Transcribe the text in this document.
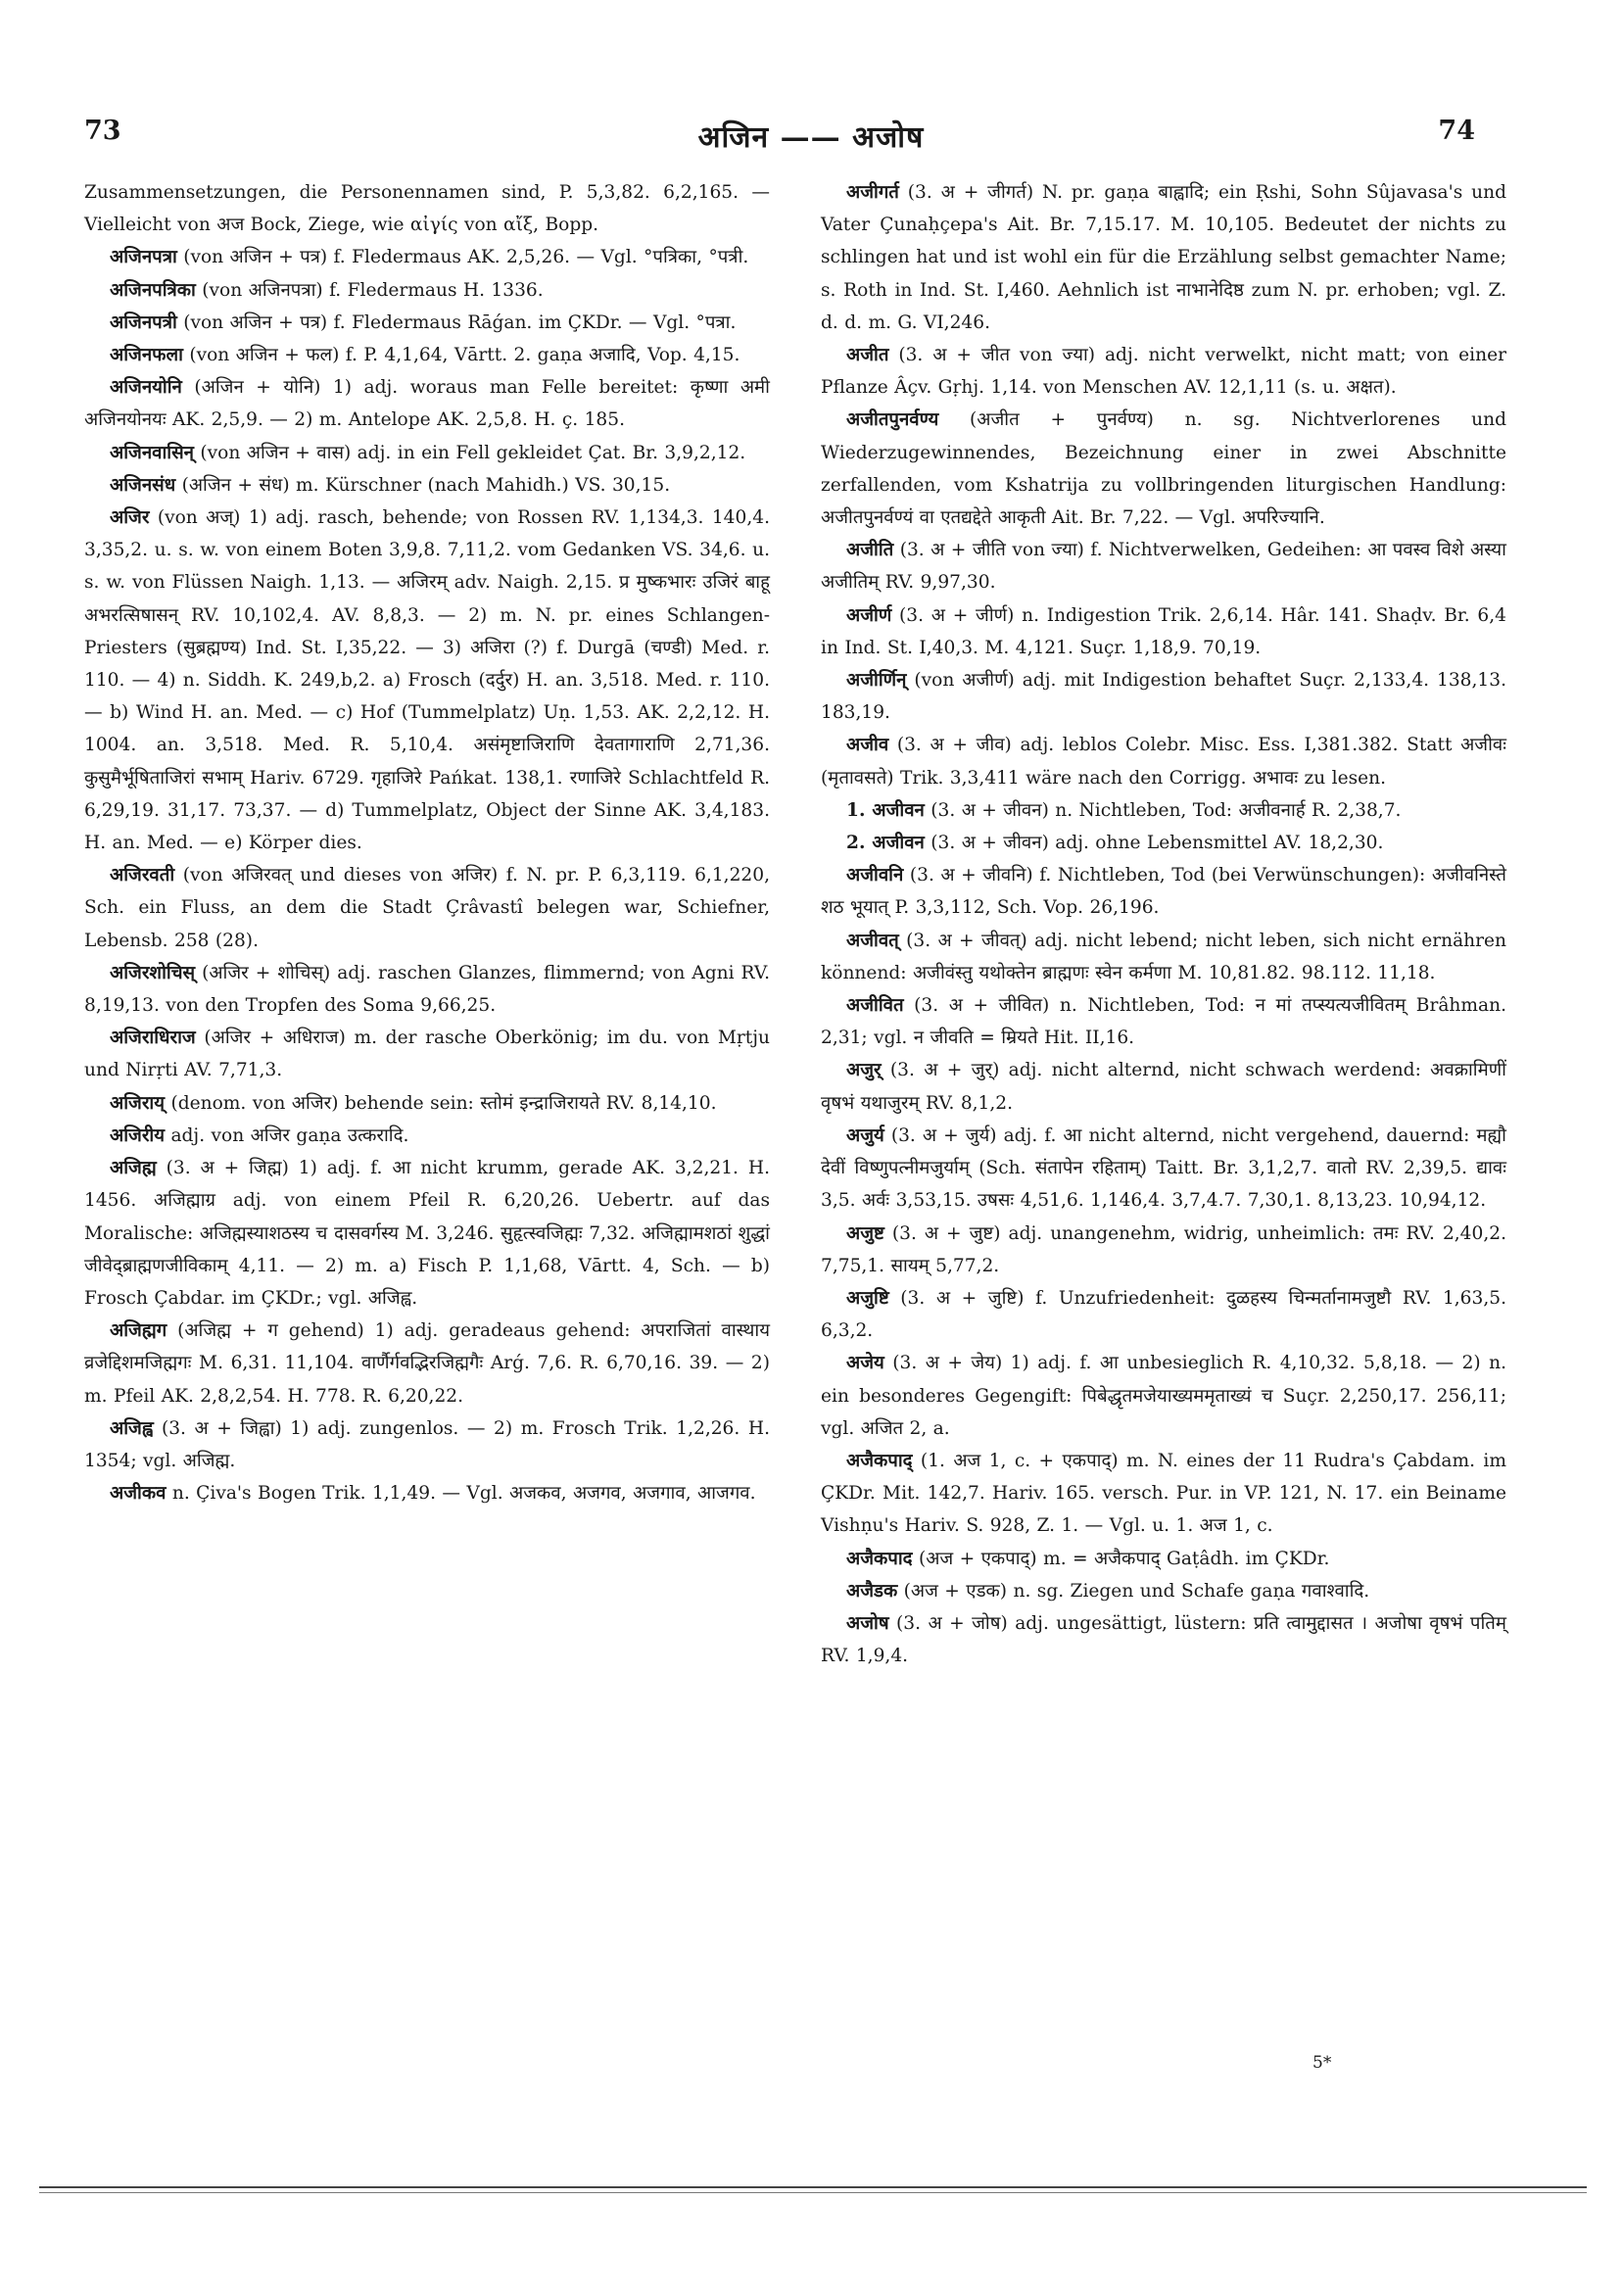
73	अजिन —— अजोष	74

Zusammensetzungen, die Personennamen sind, P. 5,3,82. 6,2,165. — Vielleicht von अज Bock, Ziege, wie αἰγίς von αἴξ, Bopp.

अजिनपत्रा (von अजिन + पत्र) f. Fledermaus AK. 2,5,26. — Vgl. °पत्रिका, °पत्री.

अजिनपत्रिका (von अजिनपत्रा) f. Fledermaus H. 1336.

अजिनपत्री (von अजिन + पत्र) f. Fledermaus Rāǵan. im ÇKDr. — Vgl. °पत्रा.

अजिनफला (von अजिन + फल) f. P. 4,1,64, Vārtt. 2. gaṇa अजादि, Vop. 4,15.

अजिनयोनि (अजिन + योनि) 1) adj. woraus man Felle bereitet: कृष्णा अमी अजिनयोनयः AK. 2,5,9. — 2) m. Antelope AK. 2,5,8. H. ç. 185.

अजिनवासिन् (von अजिन + वास) adj. in ein Fell gekleidet Çat. Br. 3,9,2,12.

अजिनसंध (अजिन + संध) m. Kürschner (nach Mahidh.) VS. 30,15.

अजिर (von अज्) 1) adj. rasch, behende; von Rossen RV. 1,134,3. 140,4. 3,35,2. u. s. w. von einem Boten 3,9,8. 7,11,2. vom Gedanken VS. 34,6. u. s. w. von Flüssen Naigh. 1,13. — अजिरम् adv. Naigh. 2,15. प्र मुष्कभारः उजिरं बाहू अभरत्सिषासन् RV. 10,102,4. AV. 8,8,3. — 2) m. N. pr. eines Schlangen-Priesters (सुब्रह्मण्य) Ind. St. I,35,22. — 3) अजिरा (?) f. Durgā (चण्डी) Med. r. 110. — 4) n. Siddh. K. 249,b,2. a) Frosch (दर्दुर) H. an. 3,518. Med. r. 110. — b) Wind H. an. Med. — c) Hof (Tummelplatz) Uṇ. 1,53. AK. 2,2,12. H. 1004. an. 3,518. Med. R. 5,10,4. असंमृष्टाजिराणि देवतागाराणि 2,71,36. कुसुमैर्भूषिताजिरां सभाम् Hariv. 6729. गृहाजिरे Pańkat. 138,1. रणाजिरे Schlachtfeld R. 6,29,19. 31,17. 73,37. — d) Tummelplatz, Object der Sinne AK. 3,4,183. H. an. Med. — e) Körper dies.

अजिरवती (von अजिरवत् und dieses von अजिर) f. N. pr. P. 6,3,119. 6,1,220, Sch. ein Fluss, an dem die Stadt Çrâvastî belegen war, Schiefner, Lebensb. 258 (28).

अजिरशोचिस् (अजिर + शोचिस्) adj. raschen Glanzes, flimmernd; von Agni RV. 8,19,13. von den Tropfen des Soma 9,66,25.

अजिराधिराज (अजिर + अधिराज) m. der rasche Oberkönig; im du. von Mṛtju und Nirṛti AV. 7,71,3.

अजिराय् (denom. von अजिर) behende sein: स्तोमं इन्द्राजिरायते RV. 8,14,10.

अजिरीय adj. von अजिर gaṇa उत्करादि.

अजिह्म (3. अ + जिह्म) 1) adj. f. आ nicht krumm, gerade AK. 3,2,21. H. 1456. अजिह्माग्र adj. von einem Pfeil R. 6,20,26. Uebertr. auf das Moralische: अजिह्मस्याशठस्य च दासवर्गस्य M. 3,246. सुहृत्स्वजिह्मः 7,32. अजिह्मामशठां शुद्धां जीवेद्ब्राह्मणजीविकाम् 4,11. — 2) m. a) Fisch P. 1,1,68, Vārtt. 4, Sch. — b) Frosch Çabdar. im ÇKDr.; vgl. अजिह्व.

अजिह्मग (अजिह्म + ग gehend) 1) adj. geradeaus gehend: अपराजितां वास्थाय व्रजेद्दिशमजिह्मगः M. 6,31. 11,104. वार्णैर्गवद्भिरजिह्मगैः Arǵ. 7,6. R. 6,70,16. 39. — 2) m. Pfeil AK. 2,8,2,54. H. 778. R. 6,20,22.

अजिह्व (3. अ + जिह्वा) 1) adj. zungenlos. — 2) m. Frosch Trik. 1,2,26. H. 1354; vgl. अजिह्म.

अजीकव n. Çiva's Bogen Trik. 1,1,49. — Vgl. अजकव, अजगव, अजगाव, आजगव.

अजीगर्त (3. अ + जीगर्त) N. pr. gaṇa बाह्वादि; ein Ṛshi, Sohn Sûjavasa's und Vater Çunaḥçepa's Ait. Br. 7,15.17. M. 10,105. Bedeutet der nichts zu schlingen hat und ist wohl ein für die Erzählung selbst gemachter Name; s. Roth in Ind. St. I,460. Aehnlich ist नाभानेदिष्ठ zum N. pr. erhoben; vgl. Z. d. d. m. G. VI,246.

अजीत (3. अ + जीत von ज्या) adj. nicht verwelkt, nicht matt; von einer Pflanze Âçv. Gṛhj. 1,14. von Menschen AV. 12,1,11 (s. u. अक्षत).

अजीतपुनर्वण्य (अजीत + पुनर्वण्य) n. sg. Nichtverlorenes und Wiederzugewinnendes, Bezeichnung einer in zwei Abschnitte zerfallenden, vom Kshatrija zu vollbringenden liturgischen Handlung: अजीतपुनर्वण्यं वा एतद्यद्देते आकृती Ait. Br. 7,22. — Vgl. अपरिज्यानि.

अजीति (3. अ + जीति von ज्या) f. Nichtverwelken, Gedeihen: आ पवस्व विशे अस्या अजीतिम् RV. 9,97,30.

अजीर्ण (3. अ + जीर्ण) n. Indigestion Trik. 2,6,14. Hâr. 141. Shaḍv. Br. 6,4 in Ind. St. I,40,3. M. 4,121. Suçr. 1,18,9. 70,19.

अजीर्णिन् (von अजीर्ण) adj. mit Indigestion behaftet Suçr. 2,133,4. 138,13. 183,19.

अजीव (3. अ + जीव) adj. leblos Colebr. Misc. Ess. I,381.382. Statt अजीवः (मृतावसते) Trik. 3,3,411 wäre nach den Corrigg. अभावः zu lesen.

1. अजीवन (3. अ + जीवन) n. Nichtleben, Tod: अजीवनार्ह R. 2,38,7.

2. अजीवन (3. अ + जीवन) adj. ohne Lebensmittel AV. 18,2,30.

अजीवनि (3. अ + जीवनि) f. Nichtleben, Tod (bei Verwünschungen): अजीवनिस्ते शठ भूयात् P. 3,3,112, Sch. Vop. 26,196.

अजीवत् (3. अ + जीवत्) adj. nicht lebend; nicht leben, sich nicht ernähren könnend: अजीवंस्तु यथोक्तेन ब्राह्मणः स्वेन कर्मणा M. 10,81.82. 98.112. 11,18.

अजीवित (3. अ + जीवित) n. Nichtleben, Tod: न मां तप्स्यत्यजीवितम् Brâhman. 2,31; vgl. न जीवति = म्रियते Hit. II,16.

अजुर् (3. अ + जुर्) adj. nicht alternd, nicht schwach werdend: अवक्रामिणीं वृषभं यथाजुरम् RV. 8,1,2.

अजुर्य (3. अ + जुर्य) adj. f. आ nicht alternd, nicht vergehend, dauernd: मह्यौ देवीं विष्णुपत्नीमजुर्याम् (Sch. संतापेन रहिताम्) Taitt. Br. 3,1,2,7. वातो RV. 2,39,5. द्यावः 3,5. अर्वः 3,53,15. उषसः 4,51,6. 1,146,4. 3,7,4.7. 7,30,1. 8,13,23. 10,94,12.

अजुष्ट (3. अ + जुष्ट) adj. unangenehm, widrig, unheimlich: तमः RV. 2,40,2. 7,75,1. सायम् 5,77,2.

अजुष्टि (3. अ + जुष्टि) f. Unzufriedenheit: दुळहस्य चिन्मर्तानामजुष्टौ RV. 1,63,5. 6,3,2.

अजेय (3. अ + जेय) 1) adj. f. आ unbesieglich R. 4,10,32. 5,8,18. — 2) n. ein besonderes Gegengift: पिबेद्धृतमजेयाख्यममृताख्यं च Suçr. 2,250,17. 256,11; vgl. अजित 2, a.

अजैकपाद् (1. अज 1, c. + एकपाद्) m. N. eines der 11 Rudra's Çabdam. im ÇKDr. Mit. 142,7. Hariv. 165. versch. Pur. in VP. 121, N. 17. ein Beiname Vishṇu's Hariv. S. 928, Z. 1. — Vgl. u. 1. अज 1, c.

अजैकपाद (अज + एकपाद्) m. = अजैकपाद् Gaṭâdh. im ÇKDr.

अजैडक (अज + एडक) n. sg. Ziegen und Schafe gaṇa गवाश्वादि.

अजोष (3. अ + जोष) adj. ungesättigt, lüstern: प्रति त्वामुद्दासत । अजोषा वृषभं पतिम् RV. 1,9,4.

5*
